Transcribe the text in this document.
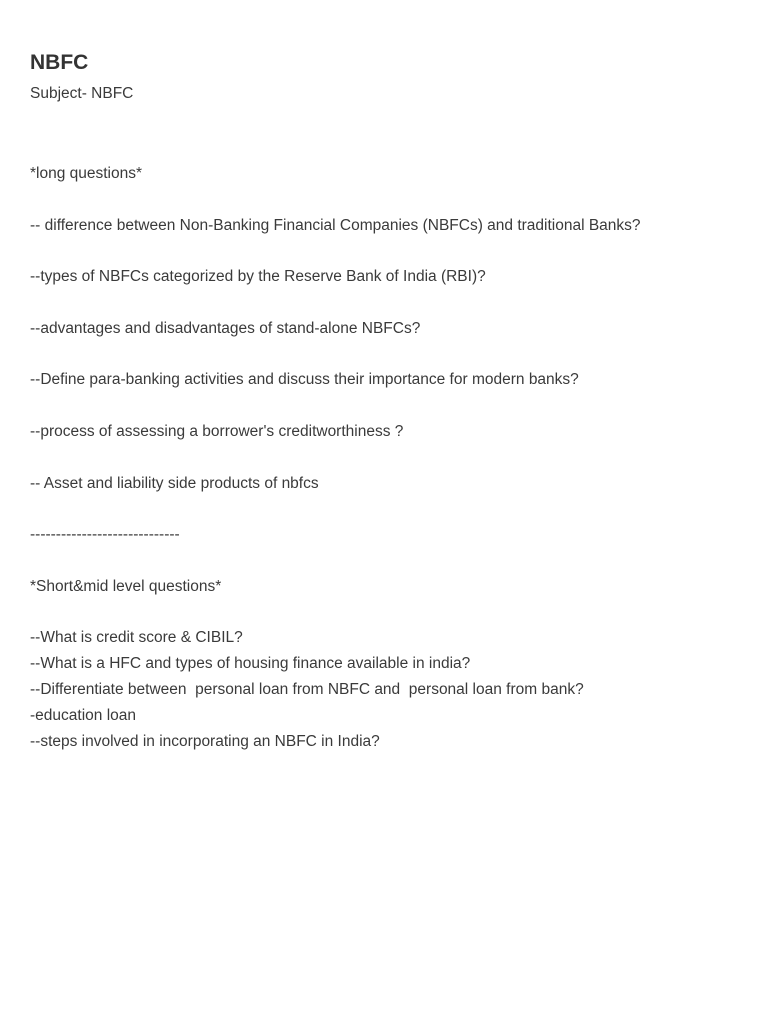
NBFC
Subject- NBFC
*long questions*
-- difference between Non-Banking Financial Companies (NBFCs) and traditional Banks?
--types of NBFCs categorized by the Reserve Bank of India (RBI)?
--advantages and disadvantages of stand-alone NBFCs?
--Define para-banking activities and discuss their importance for modern banks?
--process of assessing a borrower's creditworthiness ?
-- Asset and liability side products of nbfcs
-----------------------------
*Short&mid level questions*
--What is credit score & CIBIL?
--What is a HFC and types of housing finance available in india?
--Differentiate between  personal loan from NBFC and  personal loan from bank?
-education loan
--steps involved in incorporating an NBFC in India?
